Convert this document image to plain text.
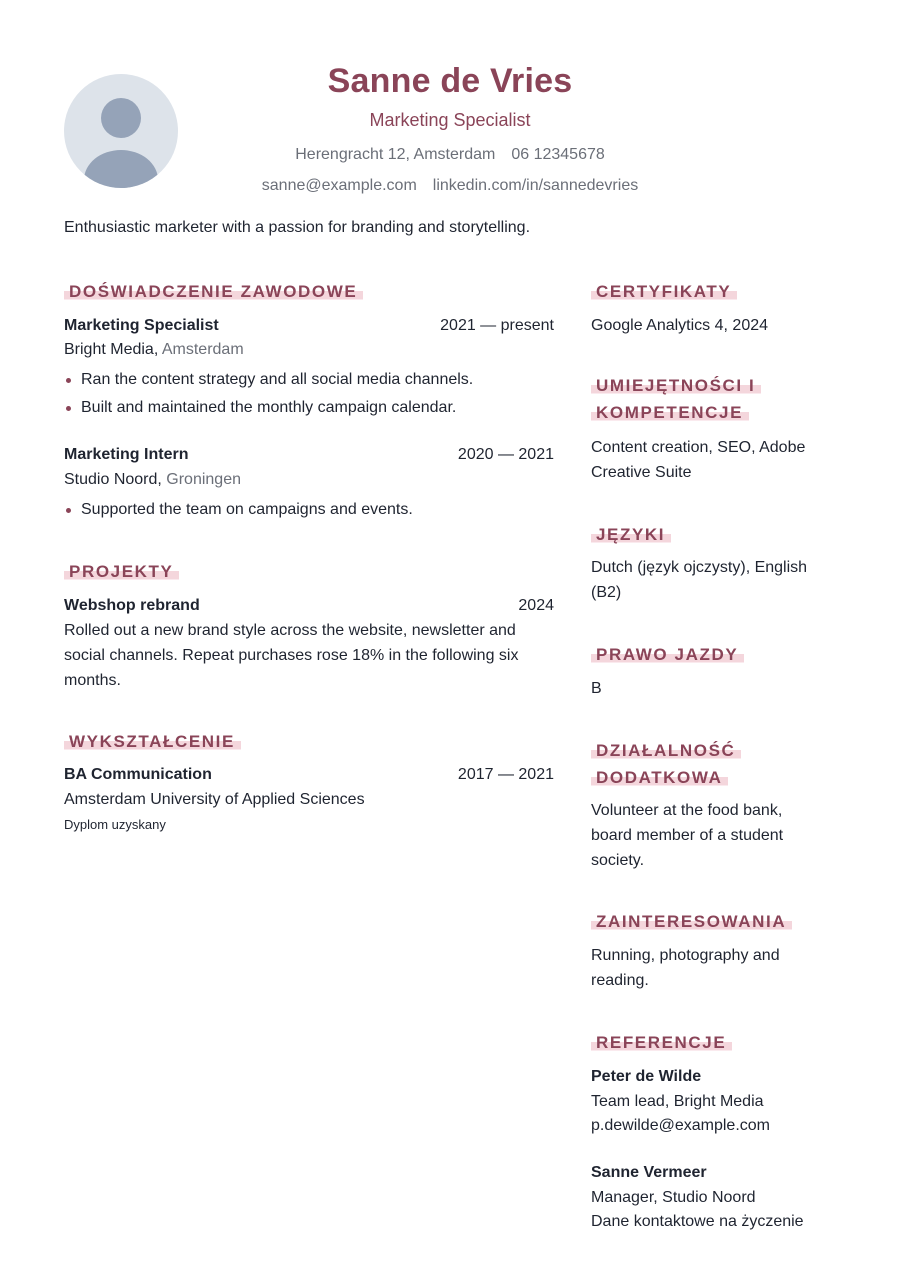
Sanne de Vries
Marketing Specialist
Herengracht 12, Amsterdam 06 12345678
sanne@example.com linkedin.com/in/sannedevries
Enthusiastic marketer with a passion for branding and storytelling.
DOŚWIADCZENIE ZAWODOWE
Marketing Specialist	2021 — present
Bright Media, Amsterdam
Ran the content strategy and all social media channels.
Built and maintained the monthly campaign calendar.
Marketing Intern	2020 — 2021
Studio Noord, Groningen
Supported the team on campaigns and events.
PROJEKTY
Webshop rebrand	2024
Rolled out a new brand style across the website, newsletter and social channels. Repeat purchases rose 18% in the following six months.
WYKSZTAŁCENIE
BA Communication	2017 — 2021
Amsterdam University of Applied Sciences
Dyplom uzyskany
CERTYFIKATY
Google Analytics 4, 2024
UMIEJĘTNOŚCI I
KOMPETENCJE
Content creation, SEO, Adobe Creative Suite
JĘZYKI
Dutch (język ojczysty), English (B2)
PRAWO JAZDY
B
DZIAŁALNOŚĆ
DODATKOWA
Volunteer at the food bank, board member of a student society.
ZAINTERESOWANIA
Running, photography and reading.
REFERENCJE
Peter de Wilde
Team lead, Bright Media
p.dewilde@example.com
Sanne Vermeer
Manager, Studio Noord
Dane kontaktowe na życzenie
